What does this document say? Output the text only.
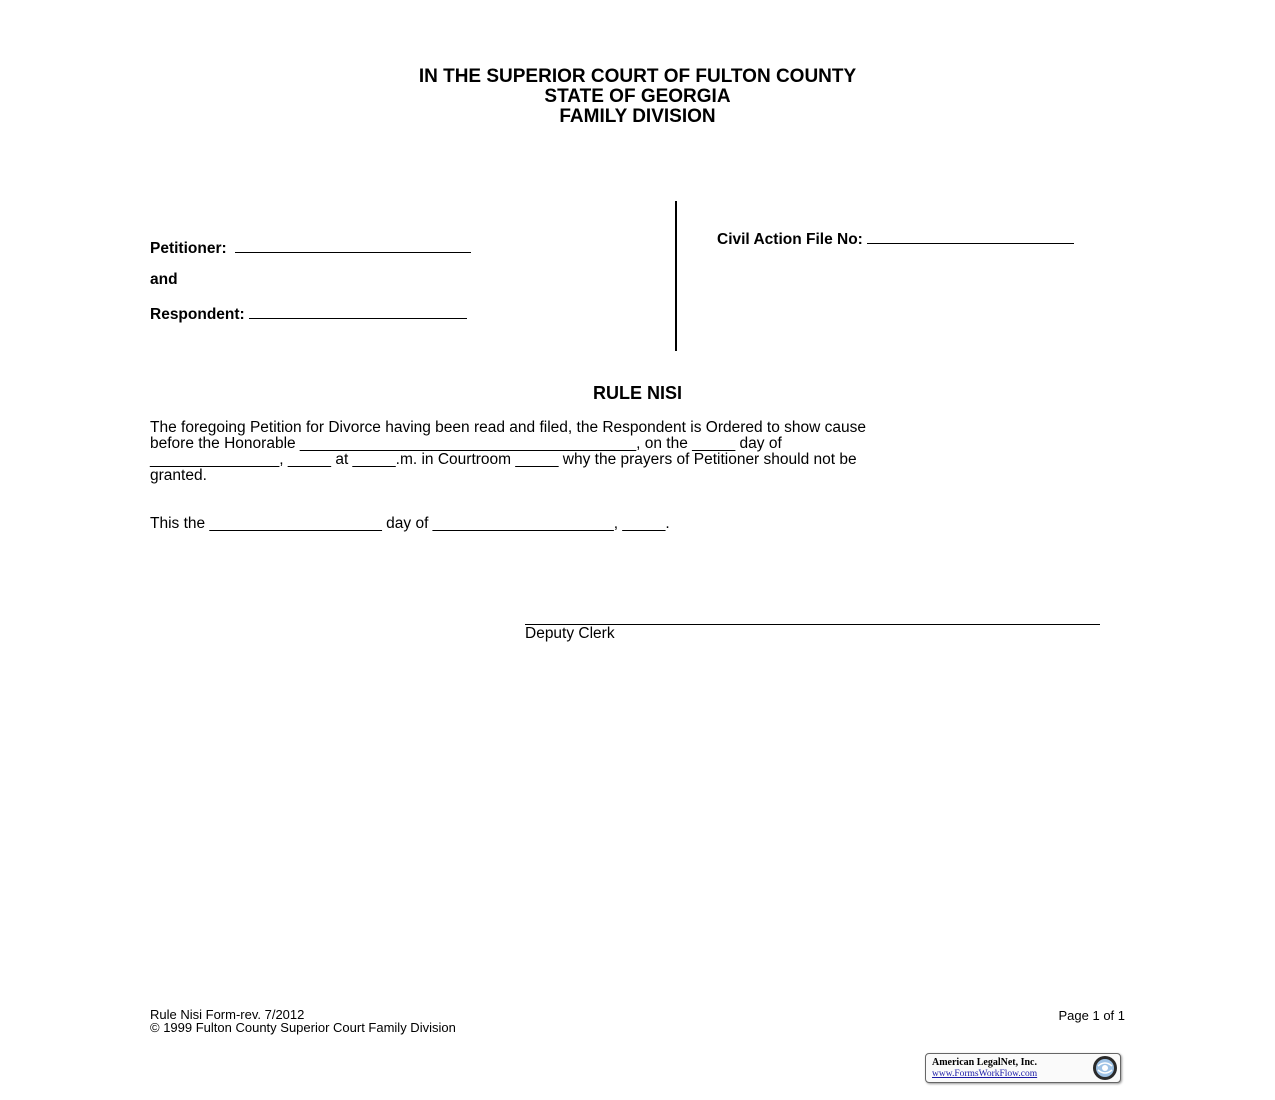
IN THE SUPERIOR COURT OF FULTON COUNTY
STATE OF GEORGIA
FAMILY DIVISION
Petitioner:
and
Respondent:
Civil Action File No:
RULE NISI

The foregoing Petition for Divorce having been read and filed, the Respondent is Ordered to show cause

before the Honorable _______________________________________, on the _____ day of

_______________, _____ at _____.m. in Courtroom _____ why the prayers of Petitioner should not be

granted.

This the ____________________ day of _____________________, _____.
Deputy Clerk
Rule Nisi Form-rev. 7/2012
© 1999 Fulton County Superior Court Family Division
Page 1 of 1
American LegalNet, Inc.
www.FormsWorkFlow.com
